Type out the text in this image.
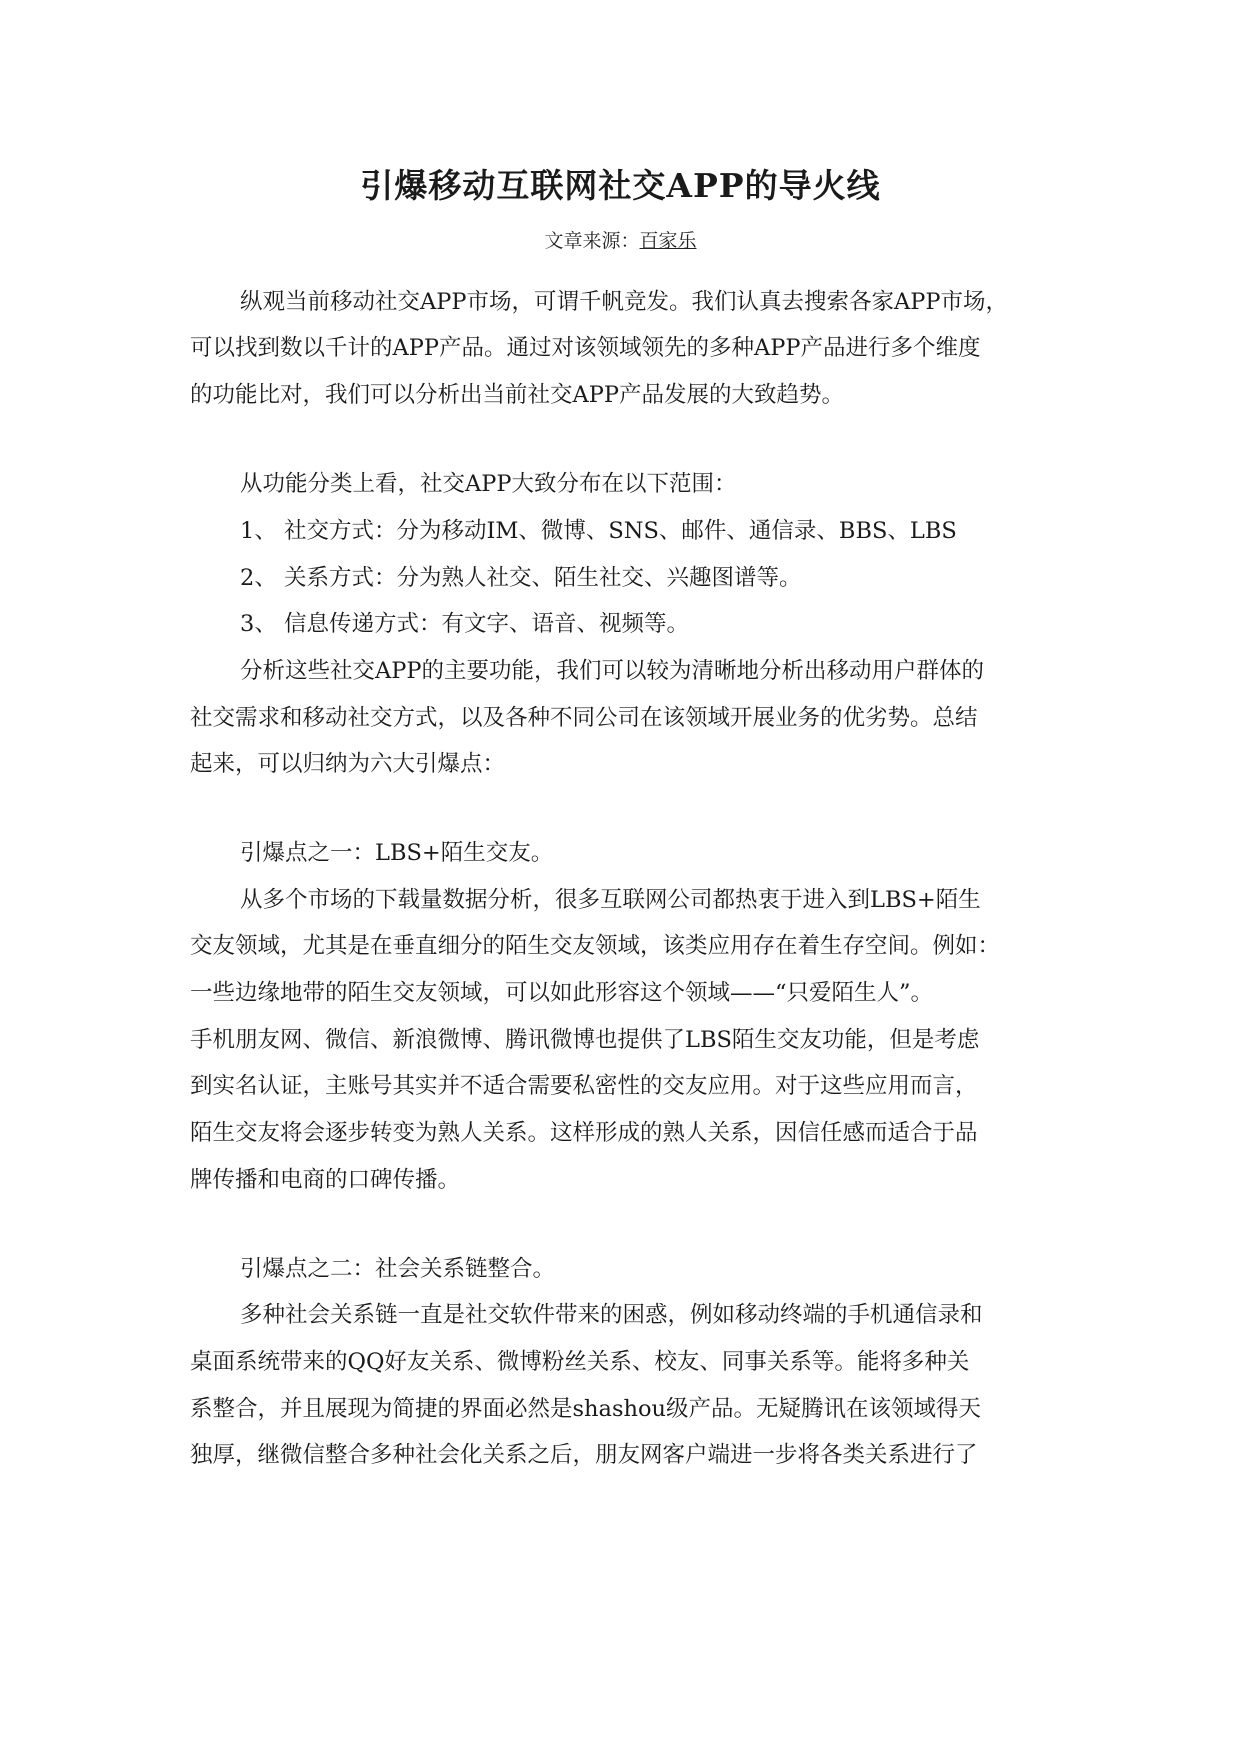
引爆移动互联网社交APP的导火线
文章来源：百家乐

纵观当前移动社交APP市场，可谓千帆竞发。我们认真去搜索各家APP市场，

可以找到数以千计的APP产品。通过对该领域领先的多种APP产品进行多个维度

的功能比对，我们可以分析出当前社交APP产品发展的大致趋势。

从功能分类上看，社交APP大致分布在以下范围：

1、 社交方式：分为移动IM、微博、SNS、邮件、通信录、BBS、LBS

2、 关系方式：分为熟人社交、陌生社交、兴趣图谱等。

3、 信息传递方式：有文字、语音、视频等。

分析这些社交APP的主要功能，我们可以较为清晰地分析出移动用户群体的

社交需求和移动社交方式，以及各种不同公司在该领域开展业务的优劣势。总结

起来，可以归纳为六大引爆点：

引爆点之一：LBS+陌生交友。

从多个市场的下载量数据分析，很多互联网公司都热衷于进入到LBS+陌生

交友领域，尤其是在垂直细分的陌生交友领域，该类应用存在着生存空间。例如：

一些边缘地带的陌生交友领域，可以如此形容这个领域——“只爱陌生人”。

手机朋友网、微信、新浪微博、腾讯微博也提供了LBS陌生交友功能，但是考虑

到实名认证，主账号其实并不适合需要私密性的交友应用。对于这些应用而言，

陌生交友将会逐步转变为熟人关系。这样形成的熟人关系，因信任感而适合于品

牌传播和电商的口碑传播。

引爆点之二：社会关系链整合。

多种社会关系链一直是社交软件带来的困惑，例如移动终端的手机通信录和

桌面系统带来的QQ好友关系、微博粉丝关系、校友、同事关系等。能将多种关

系整合，并且展现为简捷的界面必然是shashou级产品。无疑腾讯在该领域得天

独厚，继微信整合多种社会化关系之后，朋友网客户端进一步将各类关系进行了
